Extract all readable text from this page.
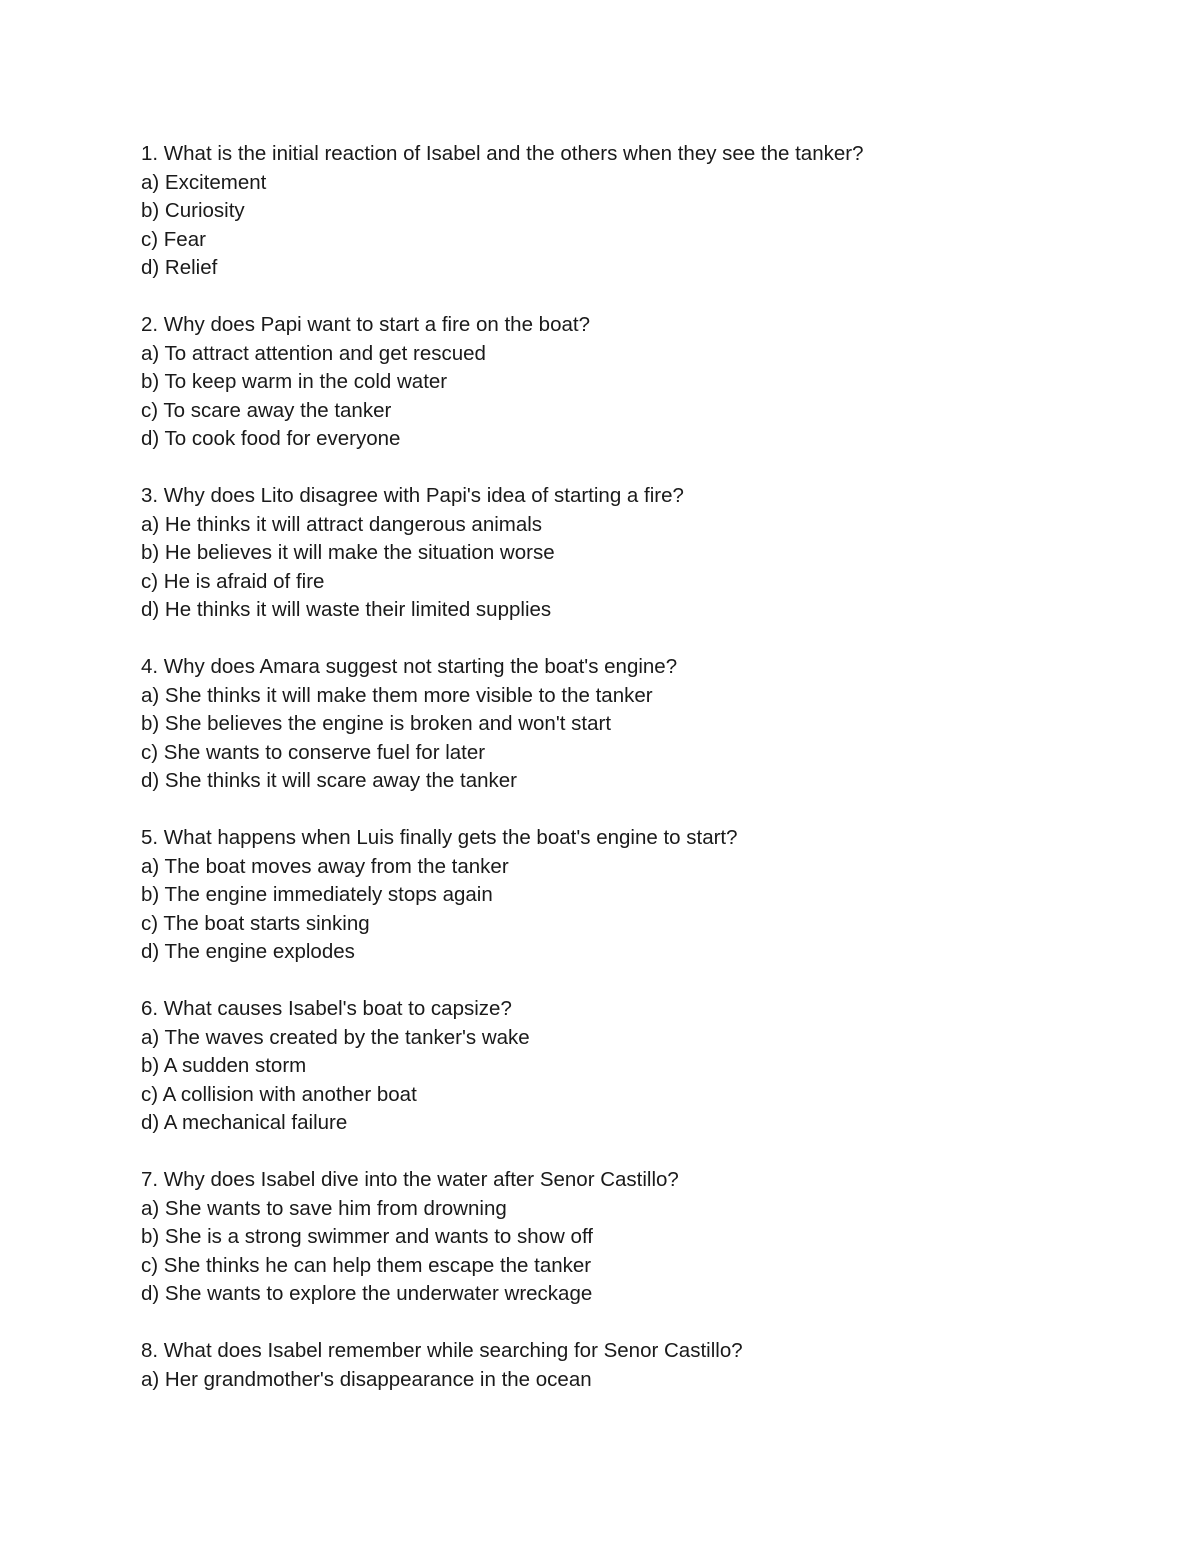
1. What is the initial reaction of Isabel and the others when they see the tanker?
a) Excitement
b) Curiosity
c) Fear
d) Relief
2. Why does Papi want to start a fire on the boat?
a) To attract attention and get rescued
b) To keep warm in the cold water
c) To scare away the tanker
d) To cook food for everyone
3. Why does Lito disagree with Papi's idea of starting a fire?
a) He thinks it will attract dangerous animals
b) He believes it will make the situation worse
c) He is afraid of fire
d) He thinks it will waste their limited supplies
4. Why does Amara suggest not starting the boat's engine?
a) She thinks it will make them more visible to the tanker
b) She believes the engine is broken and won't start
c) She wants to conserve fuel for later
d) She thinks it will scare away the tanker
5. What happens when Luis finally gets the boat's engine to start?
a) The boat moves away from the tanker
b) The engine immediately stops again
c) The boat starts sinking
d) The engine explodes
6. What causes Isabel's boat to capsize?
a) The waves created by the tanker's wake
b) A sudden storm
c) A collision with another boat
d) A mechanical failure
7. Why does Isabel dive into the water after Senor Castillo?
a) She wants to save him from drowning
b) She is a strong swimmer and wants to show off
c) She thinks he can help them escape the tanker
d) She wants to explore the underwater wreckage
8. What does Isabel remember while searching for Senor Castillo?
a) Her grandmother's disappearance in the ocean
